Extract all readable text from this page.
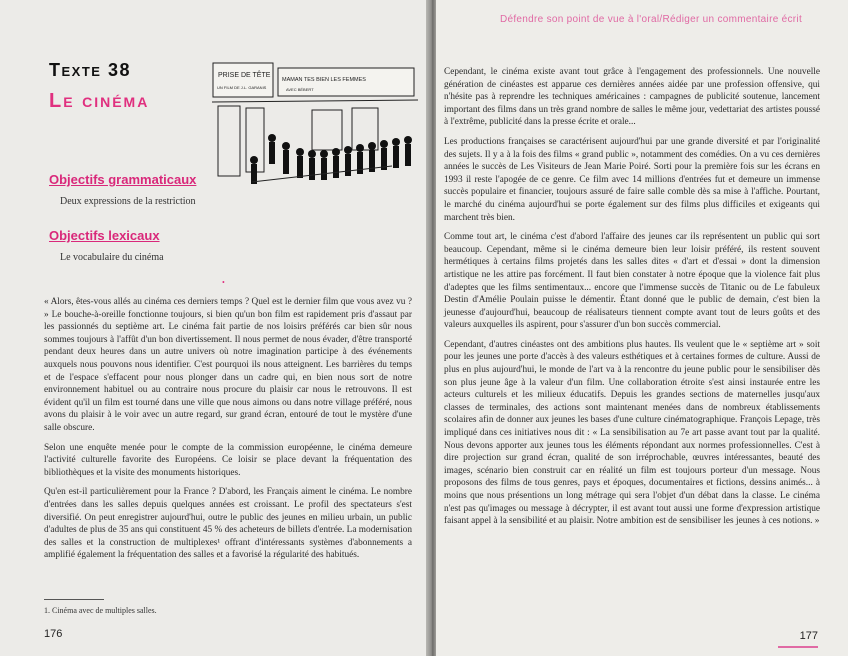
Texte 38
Le cinéma
PRISE DE TÊTE
UN FILM DE J.L. GARANIS
MAMAN TES BIEN LES FEMMES
AVEC BÉBERT
Objectifs grammaticaux
Deux expressions de la restriction
Objectifs lexicaux
Le vocabulaire du cinéma
•

« Alors, êtes-vous allés au cinéma ces derniers temps ? Quel est le dernier film que vous avez vu ? » Le bouche-à-oreille fonctionne toujours, si bien qu'un bon film est rapidement pris d'assaut par les passionnés du septième art. Le cinéma fait partie de nos loisirs préférés car bien sûr nous sommes toujours à l'affût d'un bon divertissement. Il nous permet de nous évader, d'être transporté pendant deux heures dans un autre univers où notre imagination participe à des événements auxquels nous pouvons nous identifier. C'est pourquoi ils nous atteignent. Les barrières du temps et de l'espace s'effacent pour nous plonger dans un cadre qui, en bien nous sort de notre environnement habituel ou au contraire nous procure du plaisir car nous le retrouvons. Il est évident qu'il un film est tourné dans une ville que nous aimons ou dans notre village préféré, nous avons du plaisir à le voir avec un autre regard, sur grand écran, entouré de tout le mystère d'une salle obscure.

Selon une enquête menée pour le compte de la commission européenne, le cinéma demeure l'activité culturelle favorite des Européens. Ce loisir se place devant la fréquentation des bibliothèques et la visite des monuments historiques.

Qu'en est-il particulièrement pour la France ? D'abord, les Français aiment le cinéma. Le nombre d'entrées dans les salles depuis quelques années est croissant. Le profil des spectateurs s'est diversifié. On peut enregistrer aujourd'hui, outre le public des jeunes en milieu urbain, un public d'adultes de plus de 35 ans qui constituent 45 % des acheteurs de billets d'entrée. La modernisation des salles et la construction de multiplexes¹ offrant d'intéressants systèmes d'abonnements a amplifié également la fréquentation des salles et a favorisé la régularité des habitués.

1. Cinéma avec de multiples salles.
176
Défendre son point de vue à l'oral/Rédiger un commentaire écrit

Cependant, le cinéma existe avant tout grâce à l'engagement des professionnels. Une nouvelle génération de cinéastes est apparue ces dernières années aidée par une profession offensive, qui n'hésite pas à reprendre les techniques américaines : campagnes de publicité soutenue, lancement important des films dans un très grand nombre de salles le même jour, vedettariat des artistes poussé à l'extrême, publicité dans la presse écrite et orale...

Les productions françaises se caractérisent aujourd'hui par une grande diversité et par l'originalité des sujets. Il y a à la fois des films « grand public », notamment des comédies. On a vu ces dernières années le succès de Les Visiteurs de Jean Marie Poiré. Sorti pour la première fois sur les écrans en 1993 il reste l'apogée de ce genre. Ce film avec 14 millions d'entrées fut et demeure un immense succès populaire et financier, toujours assuré de faire salle comble dès sa mise à l'affiche. Pourtant, le marché du cinéma aujourd'hui se porte également sur des films plus difficiles et exigeants qui marchent très bien.

Comme tout art, le cinéma c'est d'abord l'affaire des jeunes car ils représentent un public qui sort beaucoup. Cependant, même si le cinéma demeure bien leur loisir préféré, ils restent souvent hermétiques à certains films projetés dans les salles dites « d'art et d'essai » dont la dimension artistique ne les attire pas forcément. Il faut bien constater à notre époque que la violence fait plus d'adeptes que les films sentimentaux... encore que l'immense succès de Titanic ou de Le fabuleux Destin d'Amélie Poulain puisse le démentir. Étant donné que le public de demain, c'est bien la jeunesse d'aujourd'hui, beaucoup de réalisateurs tiennent compte avant tout de leurs goûts et des valeurs auxquelles ils aspirent, pour s'assurer d'un bon succès commercial.

Cependant, d'autres cinéastes ont des ambitions plus hautes. Ils veulent que le « septième art » soit pour les jeunes une porte d'accès à des valeurs esthétiques et à certaines formes de culture. Aussi de plus en plus aujourd'hui, le monde de l'art va à la rencontre du jeune public pour le sensibiliser dès son plus jeune âge à la valeur d'un film. Une collaboration étroite s'est ainsi instaurée entre les acteurs culturels et les milieux éducatifs. Depuis les grandes sections de maternelles jusqu'aux classes de terminales, des actions sont maintenant menées dans de nombreux établissements scolaires afin de donner aux jeunes les bases d'une culture cinématographique. François Lepage, très impliqué dans ces initiatives nous dit : « La sensibilisation au 7e art passe avant tout par la qualité. Nous devons apporter aux jeunes tous les éléments répondant aux normes professionnelles. C'est à dire projection sur grand écran, qualité de son irréprochable, œuvres intéressantes, beauté des images, scénario bien construit car en réalité un film est toujours porteur d'un message. Nous proposons des films de tous genres, pays et époques, documentaires et fictions, dessins animés... à moins que nous présentions un long métrage qui sera l'objet d'un débat dans la classe. Le cinéma n'est pas qu'images ou message à décrypter, il est avant tout aussi une forme d'expression artistique faisant appel à la sensibilité et au plaisir. Notre ambition est de sensibiliser les jeunes à ces notions. »

177
